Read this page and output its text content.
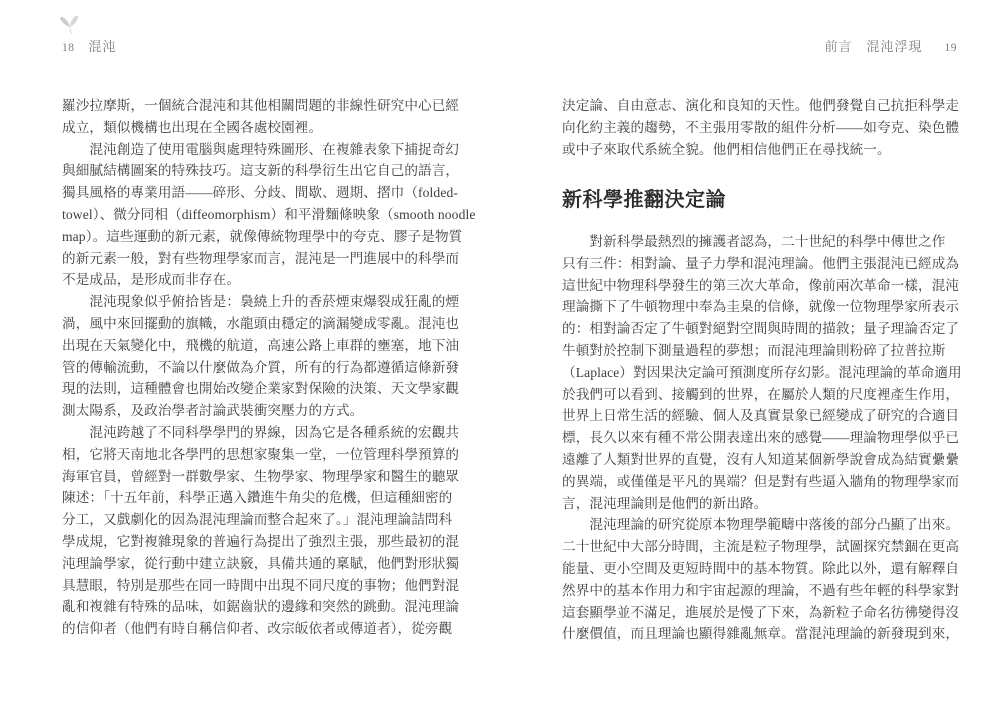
18 混沌
羅沙拉摩斯，一個統合混沌和其他相關問題的非線性研究中心已經
成立，類似機構也出現在全國各處校園裡。
　　混沌創造了使用電腦與處理特殊圖形、在複雜表象下捕捉奇幻
與細膩結構圖案的特殊技巧。這支新的科學衍生出它自己的語言，
獨具風格的專業用語——碎形、分歧、間歇、週期、摺巾（folded-
towel）、微分同相（diffeomorphism）和平滑麵條映象（smooth noodle
map）。這些運動的新元素，就像傳統物理學中的夸克、膠子是物質
的新元素一般，對有些物理學家而言，混沌是一門進展中的科學而
不是成品，是形成而非存在。
　　混沌現象似乎俯拾皆是：裊繞上升的香菸煙束爆裂成狂亂的煙
渦，風中來回擺動的旗幟，水龍頭由穩定的滴漏變成零亂。混沌也
出現在天氣變化中，飛機的航道，高速公路上車群的壅塞，地下油
管的傳輸流動，不論以什麼做為介質，所有的行為都遵循這條新發
現的法則，這種體會也開始改變企業家對保險的決策、天文學家觀
測太陽系，及政治學者討論武裝衝突壓力的方式。
　　混沌跨越了不同科學學門的界線，因為它是各種系統的宏觀共
相，它將天南地北各學門的思想家聚集一堂，一位管理科學預算的
海軍官員，曾經對一群數學家、生物學家、物理學家和醫生的聽眾
陳述：「十五年前，科學正邁入鑽進牛角尖的危機，但這種細密的
分工，又戲劇化的因為混沌理論而整合起來了。」混沌理論詰問科
學成規，它對複雜現象的普遍行為提出了強烈主張，那些最初的混
沌理論學家，從行動中建立訣竅，具備共通的稟賦，他們對形狀獨
具慧眼，特別是那些在同一時間中出現不同尺度的事物；他們對混
亂和複雜有特殊的品味，如鋸齒狀的邊緣和突然的跳動。混沌理論
的信仰者（他們有時自稱信仰者、改宗皈依者或傳道者），從旁觀
前言 混沌浮現 19
決定論、自由意志、演化和良知的天性。他們發覺自己抗拒科學走
向化約主義的趨勢，不主張用零散的組件分析——如夸克、染色體
或中子來取代系統全貌。他們相信他們正在尋找統一。
新科學推翻決定論
　　對新科學最熱烈的擁護者認為，二十世紀的科學中傳世之作
只有三件：相對論、量子力學和混沌理論。他們主張混沌已經成為
這世紀中物理科學發生的第三次大革命，像前兩次革命一樣，混沌
理論撕下了牛頓物理中奉為圭臬的信條，就像一位物理學家所表示
的：相對論否定了牛頓對絕對空間與時間的描敘；量子理論否定了
牛頓對於控制下測量過程的夢想；而混沌理論則粉碎了拉普拉斯
（Laplace）對因果決定論可預測度所存幻影。混沌理論的革命適用
於我們可以看到、接觸到的世界，在屬於人類的尺度裡產生作用，
世界上日常生活的經驗、個人及真實景象已經變成了研究的合適目
標，長久以來有種不常公開表達出來的感覺——理論物理學似乎已
遠離了人類對世界的直覺，沒有人知道某個新學說會成為結實纍纍
的異端，或僅僅是平凡的異端？但是對有些逼入牆角的物理學家而
言，混沌理論則是他們的新出路。
　　混沌理論的研究從原本物理學範疇中落後的部分凸顯了出來。
二十世紀中大部分時間，主流是粒子物理學，試圖探究禁錮在更高
能量、更小空間及更短時間中的基本物質。除此以外，還有解釋自
然界中的基本作用力和宇宙起源的理論，不過有些年輕的科學家對
這套顯學並不滿足，進展於是慢了下來，為新粒子命名彷彿變得沒
什麼價值，而且理論也顯得雜亂無章。當混沌理論的新發現到來，
